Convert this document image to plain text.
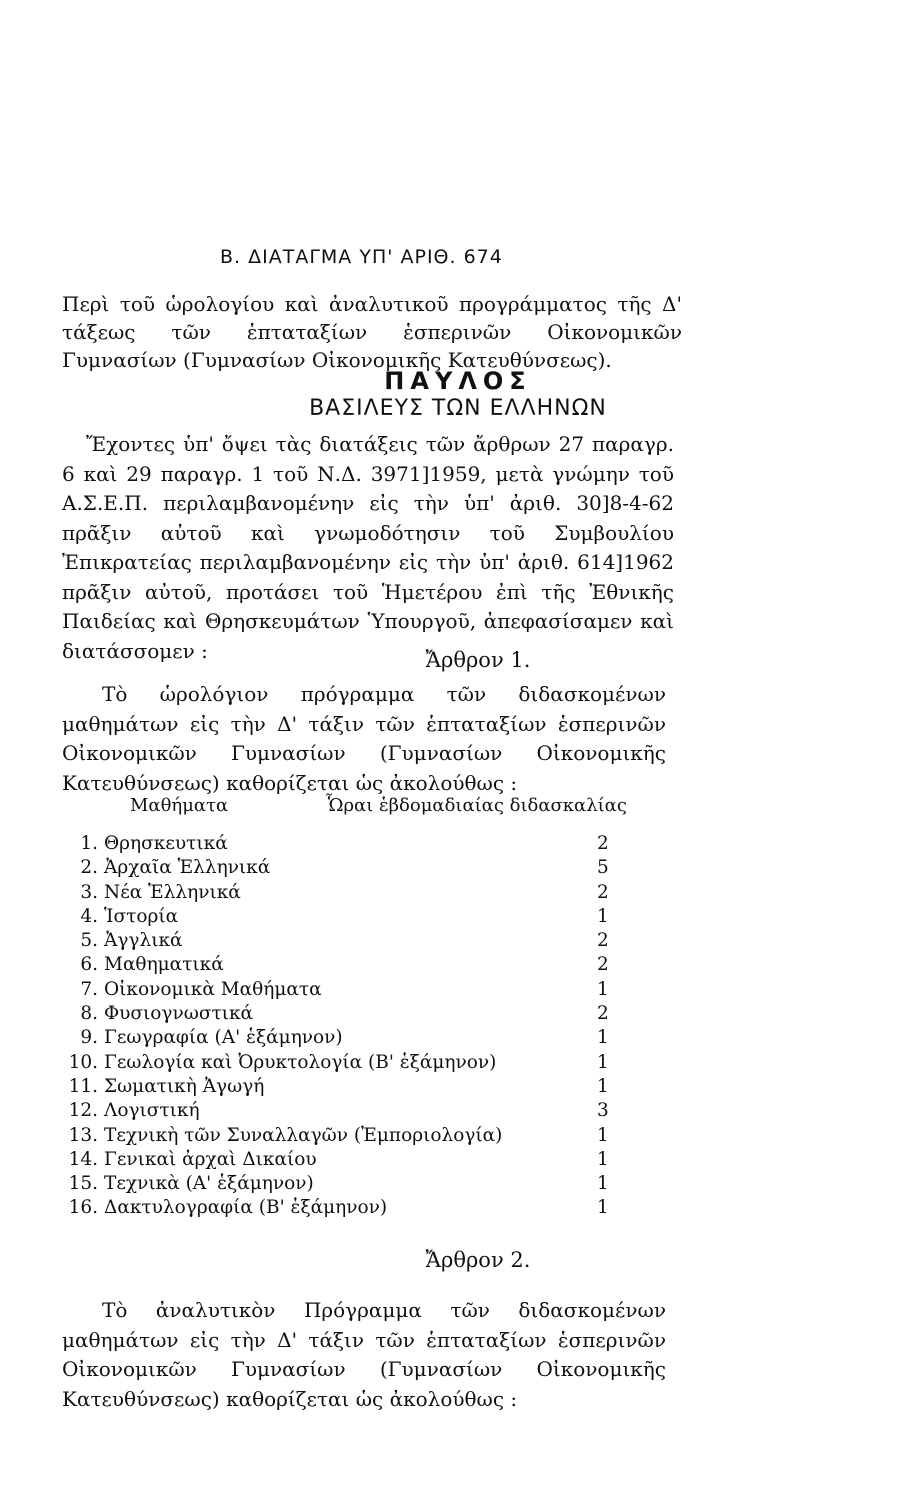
Β. ΔΙΑΤΑΓΜΑ ΥΠ' ΑΡΙΘ. 674
Περὶ τοῦ ὡρολογίου καὶ ἀναλυτικοῦ προγράμματος τῆς Δ' τάξεως τῶν ἑπταταξίων ἑσπερινῶν Οἰκονομικῶν Γυμνασίων (Γυμνασίων Οἰκονομικῆς Κατευθύνσεως).
ΠΑΥΛΟΣ
ΒΑΣΙΛΕΥΣ ΤΩΝ ΕΛΛΗΝΩΝ
Ἔχοντες ὑπ' ὄψει τὰς διατάξεις τῶν ἄρθρων 27 παραγρ. 6 καὶ 29 παραγρ. 1 τοῦ Ν.Δ. 3971]1959, μετὰ γνώμην τοῦ Α.Σ.Ε.Π. περιλαμβανομένην εἰς τὴν ὑπ' ἀριθ. 30]8-4-62 πρᾶξιν αὐτοῦ καὶ γνωμοδότησιν τοῦ Συμβουλίου Ἐπικρατείας περιλαμβανομένην εἰς τὴν ὑπ' ἀριθ. 614]1962 πρᾶξιν αὐτοῦ, προτάσει τοῦ Ἡμετέρου ἐπὶ τῆς Ἐθνικῆς Παιδείας καὶ Θρησκευμάτων Ὑπουργοῦ, ἀπεφασίσαμεν καὶ διατάσσομεν :	Ἄρθρον 1.
Τὸ ὡρολόγιον πρόγραμμα τῶν διδασκομένων μαθημάτων εἰς τὴν Δ' τάξιν τῶν ἑπταταξίων ἑσπερινῶν Οἰκονομικῶν Γυμνασίων (Γυμνασίων Οἰκονομικῆς Κατευθύνσεως) καθορίζεται ὡς ἀκολούθως :
Μαθήματα	Ὧραι ἑβδομαδιαίας διδασκαλίας
1. Θρησκευτικά	2
2. Ἀρχαῖα Ἑλληνικά	5
3. Νέα Ἑλληνικά	2
4. Ἱστορία	1
5. Ἀγγλικά	2
6. Μαθηματικά	2
7. Οἰκονομικὰ Μαθήματα	1
8. Φυσιογνωστικά	2
9. Γεωγραφία (Α' ἑξάμηνον)	1
10. Γεωλογία καὶ Ὀρυκτολογία (Β' ἑξάμηνον)	1
11. Σωματικὴ Ἀγωγή	1
12. Λογιστική	3
13. Τεχνικὴ τῶν Συναλλαγῶν (Ἐμποριολογία)	1
14. Γενικαὶ ἀρχαὶ Δικαίου	1
15. Τεχνικὰ (Α' ἑξάμηνον)	1
16. Δακτυλογραφία (Β' ἑξάμηνον)	1
Ἄρθρον 2.
Τὸ ἀναλυτικὸν Πρόγραμμα τῶν διδασκομένων μαθημάτων εἰς τὴν Δ' τάξιν τῶν ἑπταταξίων ἑσπερινῶν Οἰκονομικῶν Γυμνασίων (Γυμνασίων Οἰκονομικῆς Κατευθύνσεως) καθορίζεται ὡς ἀκολούθως :
